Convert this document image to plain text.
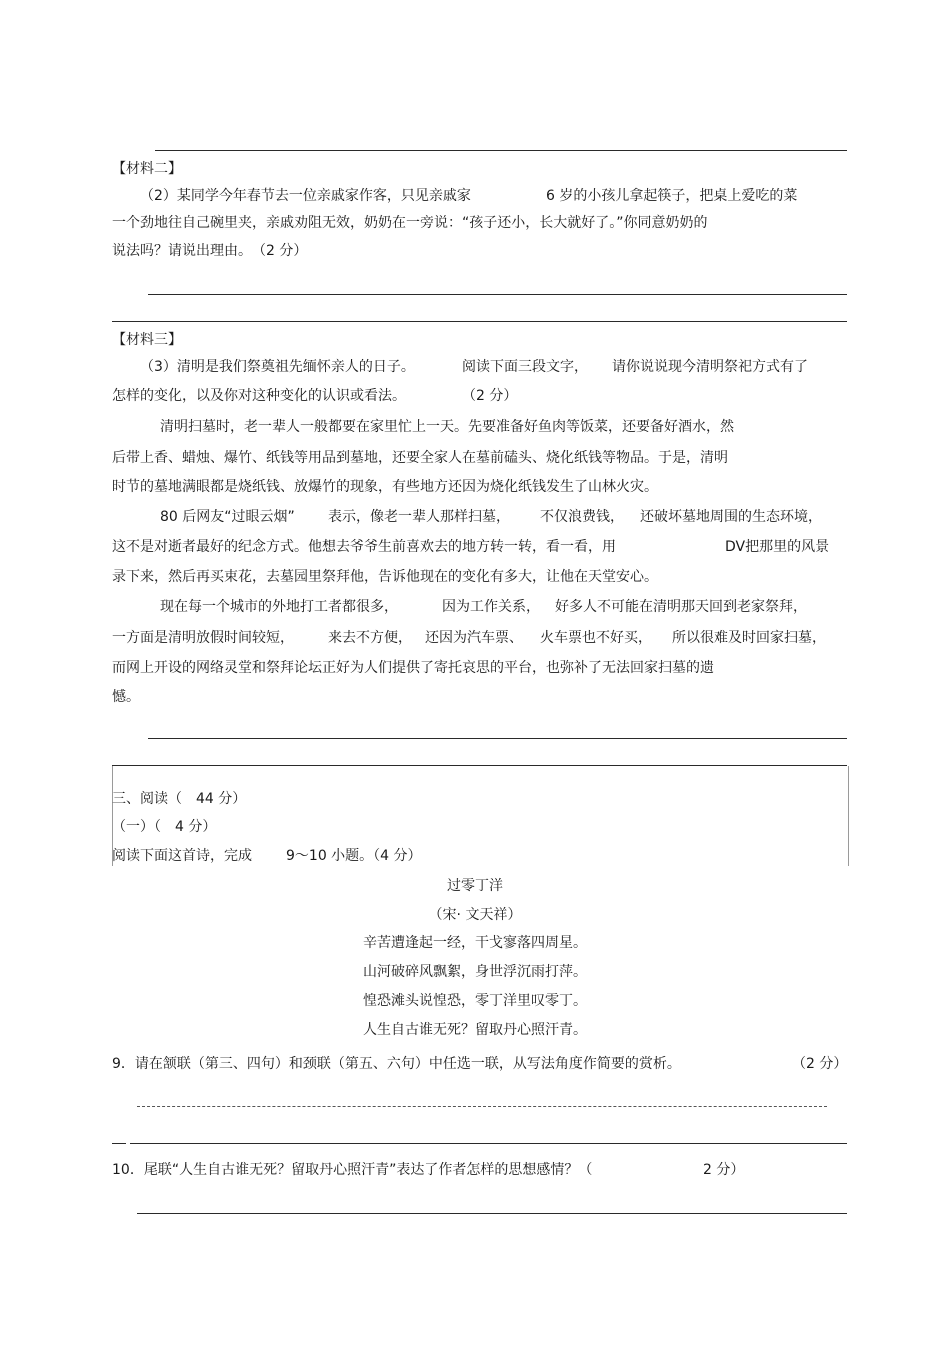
【材料二】
（2）某同学今年春节去一位亲戚家作客，只见亲戚家	6 岁的小孩儿拿起筷子，把桌上爱吃的菜
一个劲地往自己碗里夹，亲戚劝阻无效，奶奶在一旁说：“孩子还小，长大就好了。”你同意奶奶的
说法吗？请说出理由。　（2 分）
【材料三】
（3）清明是我们祭奠祖先缅怀亲人的日子。	阅读下面三段文字， 请你说说现今清明祭祀方式有了
怎样的变化，以及你对这种变化的认识或看法。	（2 分）
清明扫墓时，老一辈人一般都要在家里忙上一天。先要准备好鱼肉等饭菜，还要备好酒水，然
后带上香、蜡烛、爆竹、纸钱等用品到墓地，还要全家人在墓前磕头、烧化纸钱等物品。于是，清明
时节的墓地满眼都是烧纸钱、放爆竹的现象，有些地方还因为烧化纸钱发生了山林火灾。
80 后网友“过眼云烟” 表示，像老一辈人那样扫墓， 不仅浪费钱， 还破坏墓地周围的生态环境，
这不是对逝者最好的纪念方式。他想去爷爷生前喜欢去的地方转一转，看一看，用	DV把那里的风景
录下来，然后再买束花，去墓园里祭拜他，告诉他现在的变化有多大，让他在天堂安心。
现在每一个城市的外地打工者都很多，	因为工作关系， 好多人不可能在清明那天回到老家祭拜，
一方面是清明放假时间较短， 来去不方便， 还因为汽车票、 火车票也不好买， 所以很难及时回家扫墓，
而网上开设的网络灵堂和祭拜论坛正好为人们提供了寄托哀思的平台，也弥补了无法回家扫墓的遗
憾。
三、阅读（　44 分）
（一）（　4 分）
阅读下面这首诗，完成 9～10 小题。（4 分）
过零丁洋
（宋· 文天祥）
辛苦遭逢起一经，干戈寥落四周星。
山河破碎风飘絮，身世浮沉雨打萍。
惶恐滩头说惶恐，零丁洋里叹零丁。
人生自古谁无死？留取丹心照汗青。
9．请在颔联（第三、四句）和颈联（第五、六句）中任选一联，从写法角度作简要的赏析。	（2 分）
10．尾联“人生自古谁无死？留取丹心照汗青”表达了作者怎样的思想感情？（	2 分）
